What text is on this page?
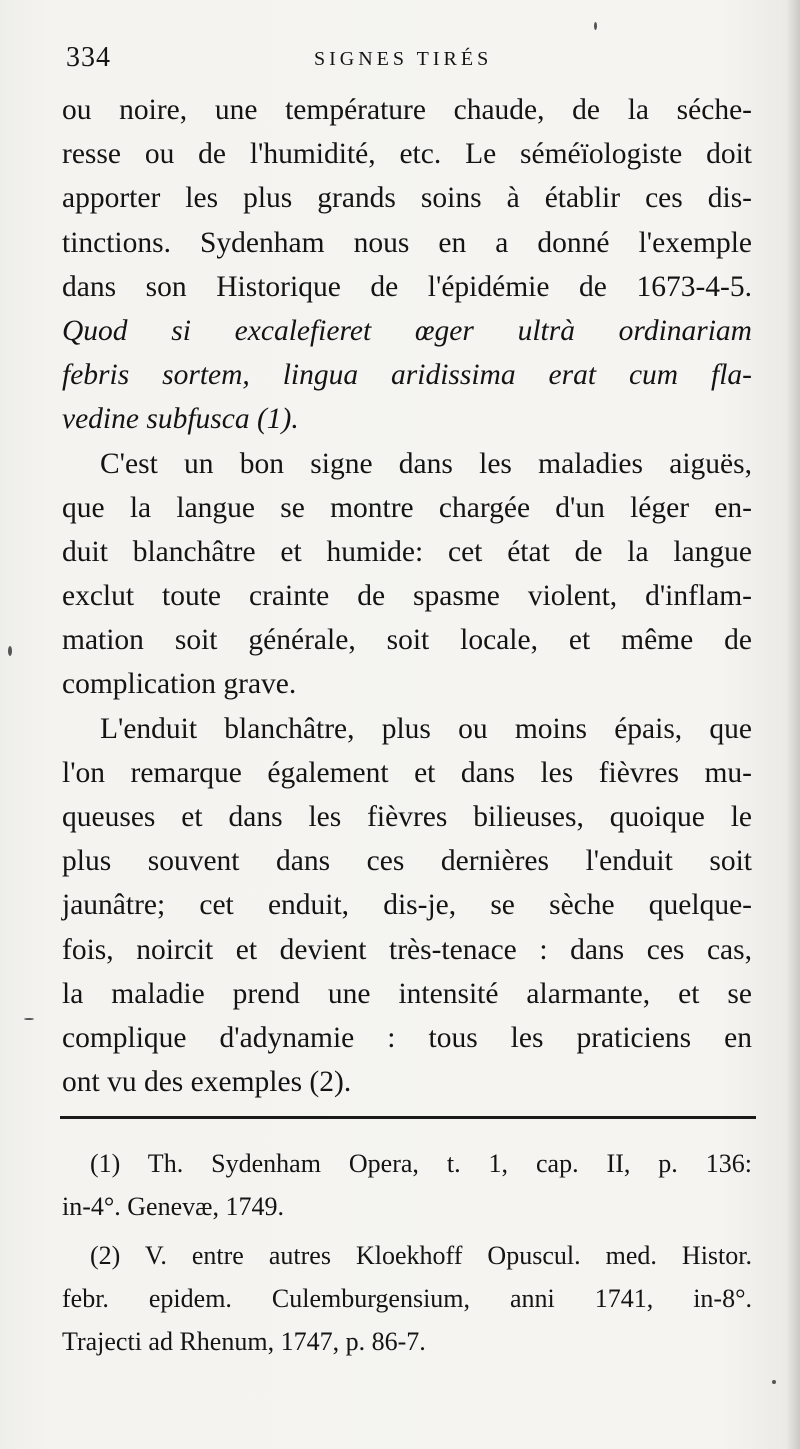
334	SIGNES TIRÉS
ou noire, une température chaude, de la séche-
resse ou de l'humidité, etc. Le séméïologiste doit
apporter les plus grands soins à établir ces dis-
tinctions. Sydenham nous en a donné l'exemple
dans son Historique de l'épidémie de 1673-4-5.
Quod si excalefieret œger ultrà ordinariam
febris sortem, lingua aridissima erat cum fla-
vedine subfusca (1).
C'est un bon signe dans les maladies aiguës,
que la langue se montre chargée d'un léger en-
duit blanchâtre et humide: cet état de la langue
exclut toute crainte de spasme violent, d'inflam-
mation soit générale, soit locale, et même de
complication grave.
L'enduit blanchâtre, plus ou moins épais, que
l'on remarque également et dans les fièvres mu-
queuses et dans les fièvres bilieuses, quoique le
plus souvent dans ces dernières l'enduit soit
jaunâtre; cet enduit, dis-je, se sèche quelque-
fois, noircit et devient très-tenace : dans ces cas,
la maladie prend une intensité alarmante, et se
complique d'adynamie : tous les praticiens en
ont vu des exemples (2).
(1) Th. Sydenham Opera, t. 1, cap. II, p. 136:
in-4°. Genevæ, 1749.
(2) V. entre autres Kloekhoff Opuscul. med. Histor.
febr. epidem. Culemburgensium, anni 1741, in-8°.
Trajecti ad Rhenum, 1747, p. 86-7.
